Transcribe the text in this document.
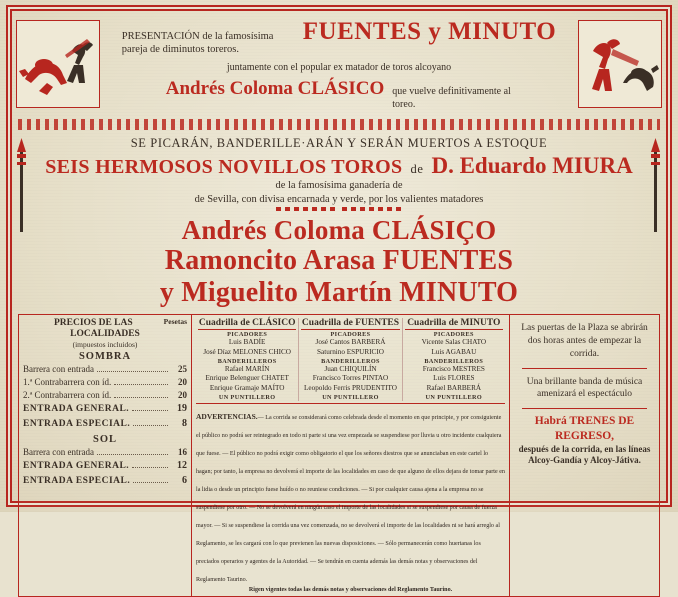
PRESENTACIÓN de la famosísima pareja de diminutos toreros.
FUENTES y MINUTO
juntamente con el popular ex matador de toros alcoyano
Andrés Coloma CLÁSICO que vuelve definitivamente al toreo.
SE PICARÁN, BANDERILLE·ARÁN Y SERÁN MUERTOS A ESTOQUE
SEIS HERMOSOS NOVILLOS TOROS de D. Eduardo MIURA
de la famosísima ganadería de
de Sevilla, con divisa encarnada y verde, por los valientes matadores
Andrés Coloma CLÁSIÇO
Ramoncito Arasa FUENTES
y Miguelito Martín MINUTO
Pesetas
PRECIOS DE LAS LOCALIDADES
(impuestos incluidos)
SOMBRA
Barrera con entrada	25
1.ª Contrabarrera con íd.	20
2.ª Contrabarrera con íd.	20
ENTRADA GENERAL.	19
ENTRADA ESPECIAL.	8
SOL
Barrera con entrada	16
ENTRADA GENERAL.	12
ENTRADA ESPECIAL.	6
Cuadrilla de CLÁSICO
PICADORES
Luis BADÍE
José Díaz MELONES CHICO
BANDERILLEROS
Rafael MARÍN
Enrique Belenguer CHATET
Enrique Gramaje MAÍTO
UN PUNTILLERO
Cuadrilla de FUENTES
PICADORES
José Cantos BARBERÁ
Saturnino ESPURICIO
BANDERILLEROS
Juan CHIQUILÍN
Francisco Torres PINTAO
Leopoldo Ferris PRUDENTITO
UN PUNTILLERO
Cuadrilla de MINUTO
PICADORES
Vicente Salas CHATO
Luis AGABAU
BANDERILLEROS
Francisco MESTRES
Luis FLORES
Rafael BARBERÁ
UN PUNTILLERO
ADVERTENCIAS.— La corrida se considerará como celebrada desde el momento en que principie, y por consiguiente el público no podrá ser reintegrado en todo ni parte si una vez empezada se suspendiese por lluvia u otro incidente cualquiera que fuese. — El público no podrá exigir como obligatorio el que los señores diestros que se anunciaban en este cartel lo hagan; por tanto, la empresa no devolverá el importe de las localidades en caso de que alguno de ellos dejara de tomar parte en la lidia o desde un principio fuese huído o no reuniese condiciones. — Si por cualquier causa ajena a la empresa no se suspendiese por otro. — No se devolverá en ningún caso el importe de las localidades si se suspendiese por causa de fuerza mayor. — Si se suspendiese la corrida una vez comenzada, no se devolverá el importe de las localidades ni se hará arreglo al Reglamento, se les cargará con lo que previenen las nuevas disposiciones. — Sólo permanecerán como huertanas los preciados operarios y agentes de la Autoridad. — Se tendrán en cuenta además las demás notas y observaciones del Reglamento Taurino.
Rigen vigentes todas las demás notas y observaciones del Reglamento Taurino.
Las puertas de la Plaza se abrirán dos horas antes de empezar la corrida.
Una brillante banda de música amenizará el espectáculo
Habrá TRENES DE REGRESO,
después de la corrida, en las líneas Alcoy-Gandía y Alcoy-Játiva.
